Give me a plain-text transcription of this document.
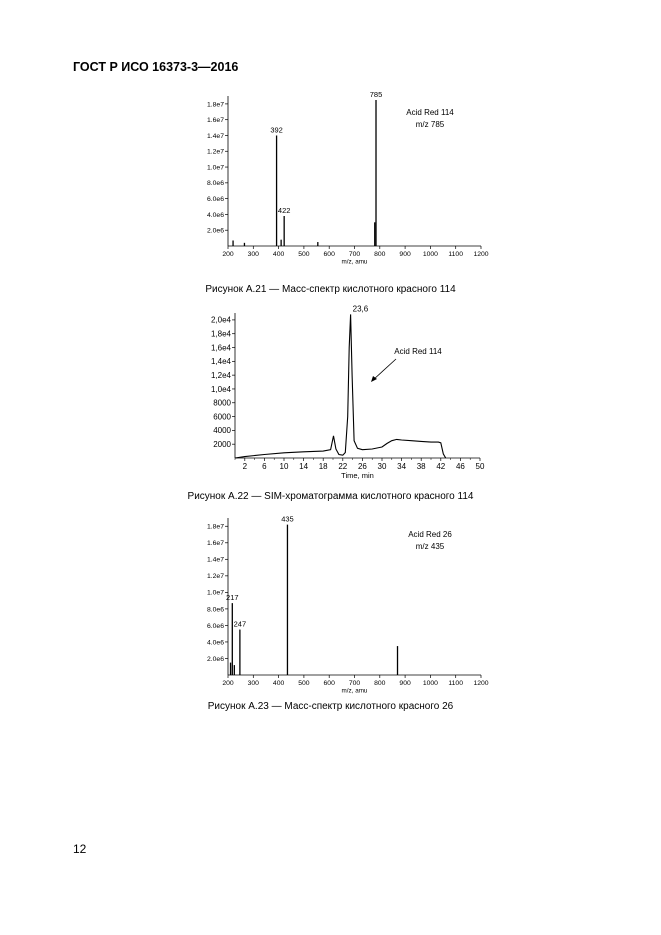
ГОСТ Р ИСО 16373-3—2016
2.0e6
4.0e6
6.0e6
8.0e6
1.0e7
1.2e7
1.4e7
1.6e7
1.8e7
200 300 400 500 600 700 800 900 1000 1100 1200
m/z, amu
Acid Red 114
m/z 785
392
422
785
Рисунок А.21 — Масс-спектр кислотного красного 114
2000
4000
6000
8000
1,0e4
1,2e4
1,4e4
1,6e4
1,8e4
2,0e4
2 6 10 14 18 22 26 30 34 38 42 46 50
Time, min
Acid Red 114
23,6
Рисунок А.22 — SIM-хроматограмма кислотного красного 114
2.0e6
4.0e6
6.0e6
8.0e6
1.0e7
1.2e7
1.4e7
1.6e7
1.8e7
200 300 400 500 600 700 800 900 1000 1100 1200
m/z, amu
Acid Red 26
m/z 435
217
247
435
Рисунок А.23 — Масс-спектр кислотного красного 26
12
